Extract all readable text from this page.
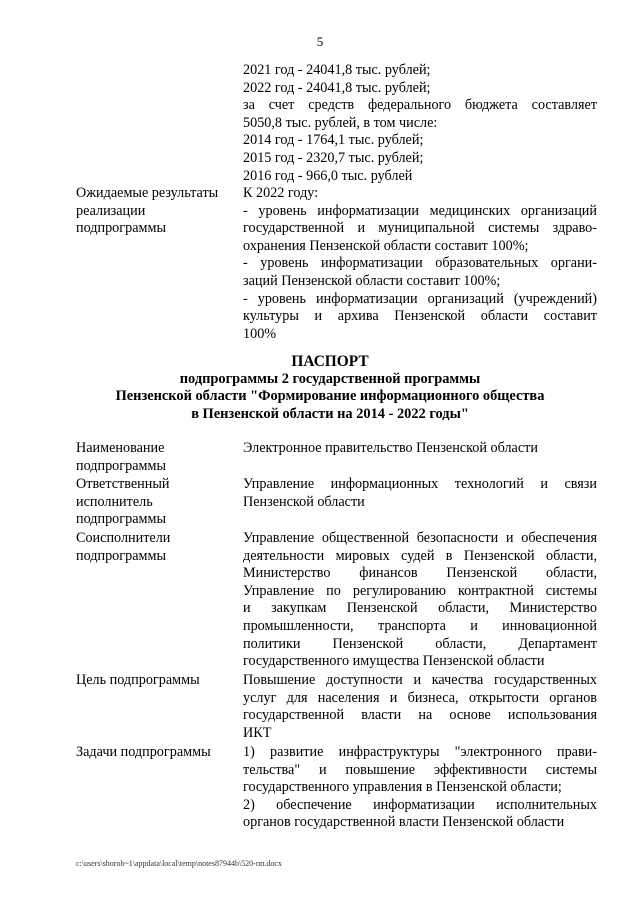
5
2021 год - 24041,8 тыс. рублей;
2022 год - 24041,8 тыс. рублей;
за счет средств федерального бюджета составляет
5050,8 тыс. рублей, в том числе:
2014 год - 1764,1 тыс. рублей;
2015 год - 2320,7 тыс. рублей;
2016 год - 966,0 тыс. рублей
Ожидаемые результаты
реализации
подпрограммы
К 2022 году:
- уровень информатизации медицинских организаций
государственной и муниципальной системы здраво-
охранения Пензенской области составит 100%;
- уровень информатизации образовательных органи-
заций Пензенской области составит 100%;
- уровень информатизации организаций (учреждений)
культуры и архива Пензенской области составит
100%
ПАСПОРТ
подпрограммы 2 государственной программы
Пензенской области "Формирование информационного общества
в Пензенской области на 2014 - 2022 годы"
Наименование
подпрограммы
Электронное правительство Пензенской области
Ответственный
исполнитель
подпрограммы
Управление информационных технологий и связи
Пензенской области
Соисполнители
подпрограммы
Управление общественной безопасности и обеспечения
деятельности мировых судей в Пензенской области,
Министерство финансов Пензенской области,
Управление по регулированию контрактной системы
и закупкам Пензенской области, Министерство
промышленности, транспорта и инновационной
политики Пензенской области, Департамент
государственного имущества Пензенской области
Цель подпрограммы	Повышение доступности и качества государственных
услуг для населения и бизнеса, открытости органов
государственной власти на основе использования
ИКТ
Задачи подпрограммы	1) развитие инфраструктуры "электронного прави-
тельства" и повышение эффективности системы
государственного управления в Пензенской области;
2) обеспечение информатизации исполнительных
органов государственной власти Пензенской области
c:\users\shorob~1\appdata\local\temp\notes87944b\520-пп.docx
